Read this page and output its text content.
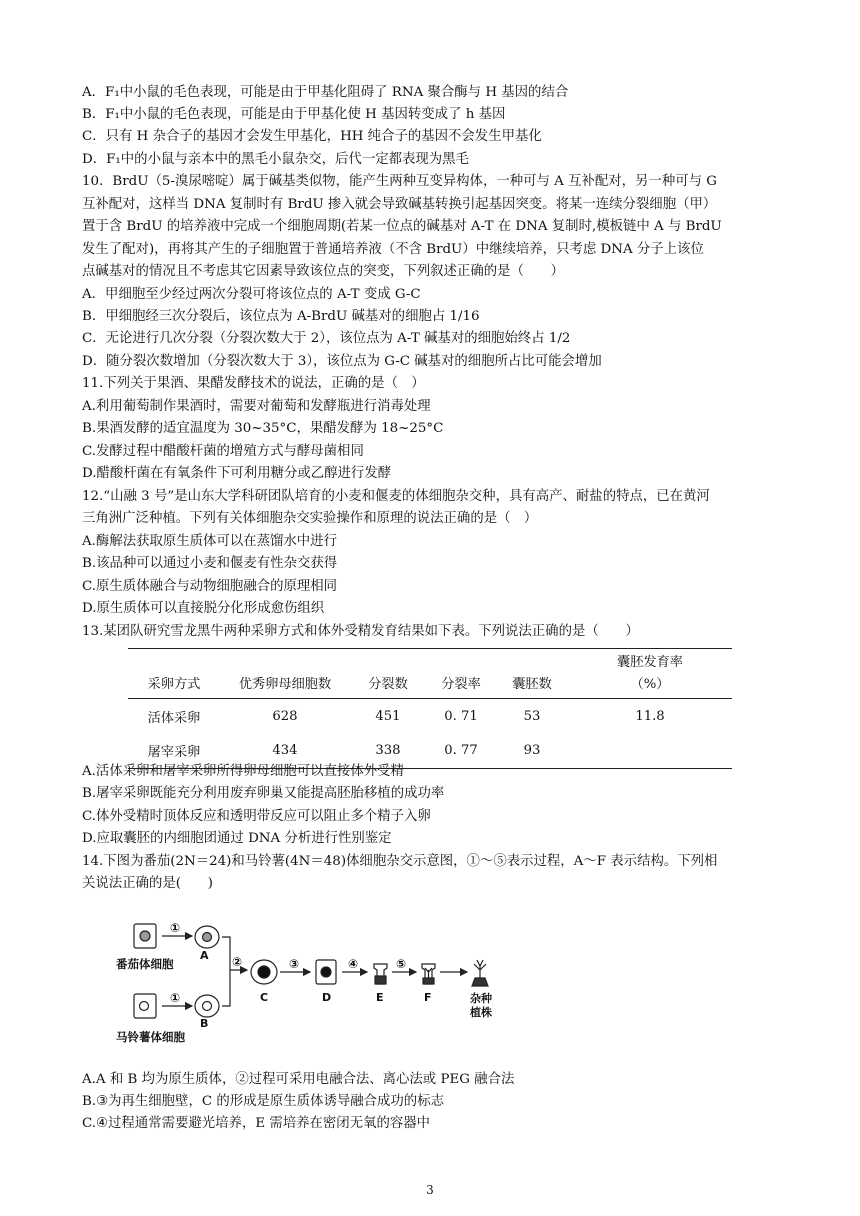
A．F₁中小鼠的毛色表现，可能是由于甲基化阻碍了 RNA 聚合酶与 H 基因的结合
B．F₁中小鼠的毛色表现，可能是由于甲基化使 H 基因转变成了 h 基因
C．只有 H 杂合子的基因才会发生甲基化，HH 纯合子的基因不会发生甲基化
D．F₁中的小鼠与亲本中的黑毛小鼠杂交，后代一定都表现为黑毛
10．BrdU（5-溴尿嘧啶）属于碱基类似物，能产生两种互变异构体，一种可与 A 互补配对，另一种可与 G
互补配对，这样当 DNA 复制时有 BrdU 掺入就会导致碱基转换引起基因突变。将某一连续分裂细胞（甲）
置于含 BrdU 的培养液中完成一个细胞周期(若某一位点的碱基对 A-T 在 DNA 复制时,模板链中 A 与 BrdU
发生了配对)，再将其产生的子细胞置于普通培养液（不含 BrdU）中继续培养，只考虑 DNA 分子上该位
点碱基对的情况且不考虑其它因素导致该位点的突变，下列叙述正确的是（　　）
A．甲细胞至少经过两次分裂可将该位点的 A-T 变成 G-C
B．甲细胞经三次分裂后，该位点为 A-BrdU 碱基对的细胞占 1/16
C．无论进行几次分裂（分裂次数大于 2），该位点为 A-T 碱基对的细胞始终占 1/2
D．随分裂次数增加（分裂次数大于 3），该位点为 G-C 碱基对的细胞所占比可能会增加
11.下列关于果酒、果醋发酵技术的说法，正确的是（　）
A.利用葡萄制作果酒时，需要对葡萄和发酵瓶进行消毒处理
B.果酒发酵的适宜温度为 30~35°C，果醋发酵为 18~25°C
C.发酵过程中醋酸杆菌的增殖方式与酵母菌相同
D.醋酸杆菌在有氧条件下可利用糖分或乙醇进行发酵
12.“山融 3 号”是山东大学科研团队培育的小麦和偃麦的体细胞杂交种，具有高产、耐盐的特点，已在黄河
三角洲广泛种植。下列有关体细胞杂交实验操作和原理的说法正确的是（　）
A.酶解法获取原生质体可以在蒸馏水中进行
B.该品种可以通过小麦和偃麦有性杂交获得
C.原生质体融合与动物细胞融合的原理相同
D.原生质体可以直接脱分化形成愈伤组织
13.某团队研究雪龙黑牛两种采卵方式和体外受精发育结果如下表。下列说法正确的是（　　）
采卵方式	优秀卵母细胞数	分裂数	分裂率	囊胚数	囊胚发育率
（%）

活体采卵	628	451	0. 71	53	11.8
屠宰采卵	434	338	0. 77	93	
A.活体采卵和屠宰采卵所得卵母细胞可以直接体外受精
B.屠宰采卵既能充分利用废弃卵巢又能提高胚胎移植的成功率
C.体外受精时顶体反应和透明带反应可以阻止多个精子入卵
D.应取囊胚的内细胞团通过 DNA 分析进行性别鉴定
14.下图为番茄(2N＝24)和马铃薯(4N＝48)体细胞杂交示意图，①～⑤表示过程，A～F 表示结构。下列相
关说法正确的是(　　)
①
①
②	③	④	⑤
A
B
C	D	E	F	杂种
植株
番茄体细胞
马铃薯体细胞
A.A 和 B 均为原生质体，②过程可采用电融合法、离心法或 PEG 融合法
B.③为再生细胞壁，C 的形成是原生质体诱导融合成功的标志
C.④过程通常需要避光培养，E 需培养在密闭无氧的容器中
3
